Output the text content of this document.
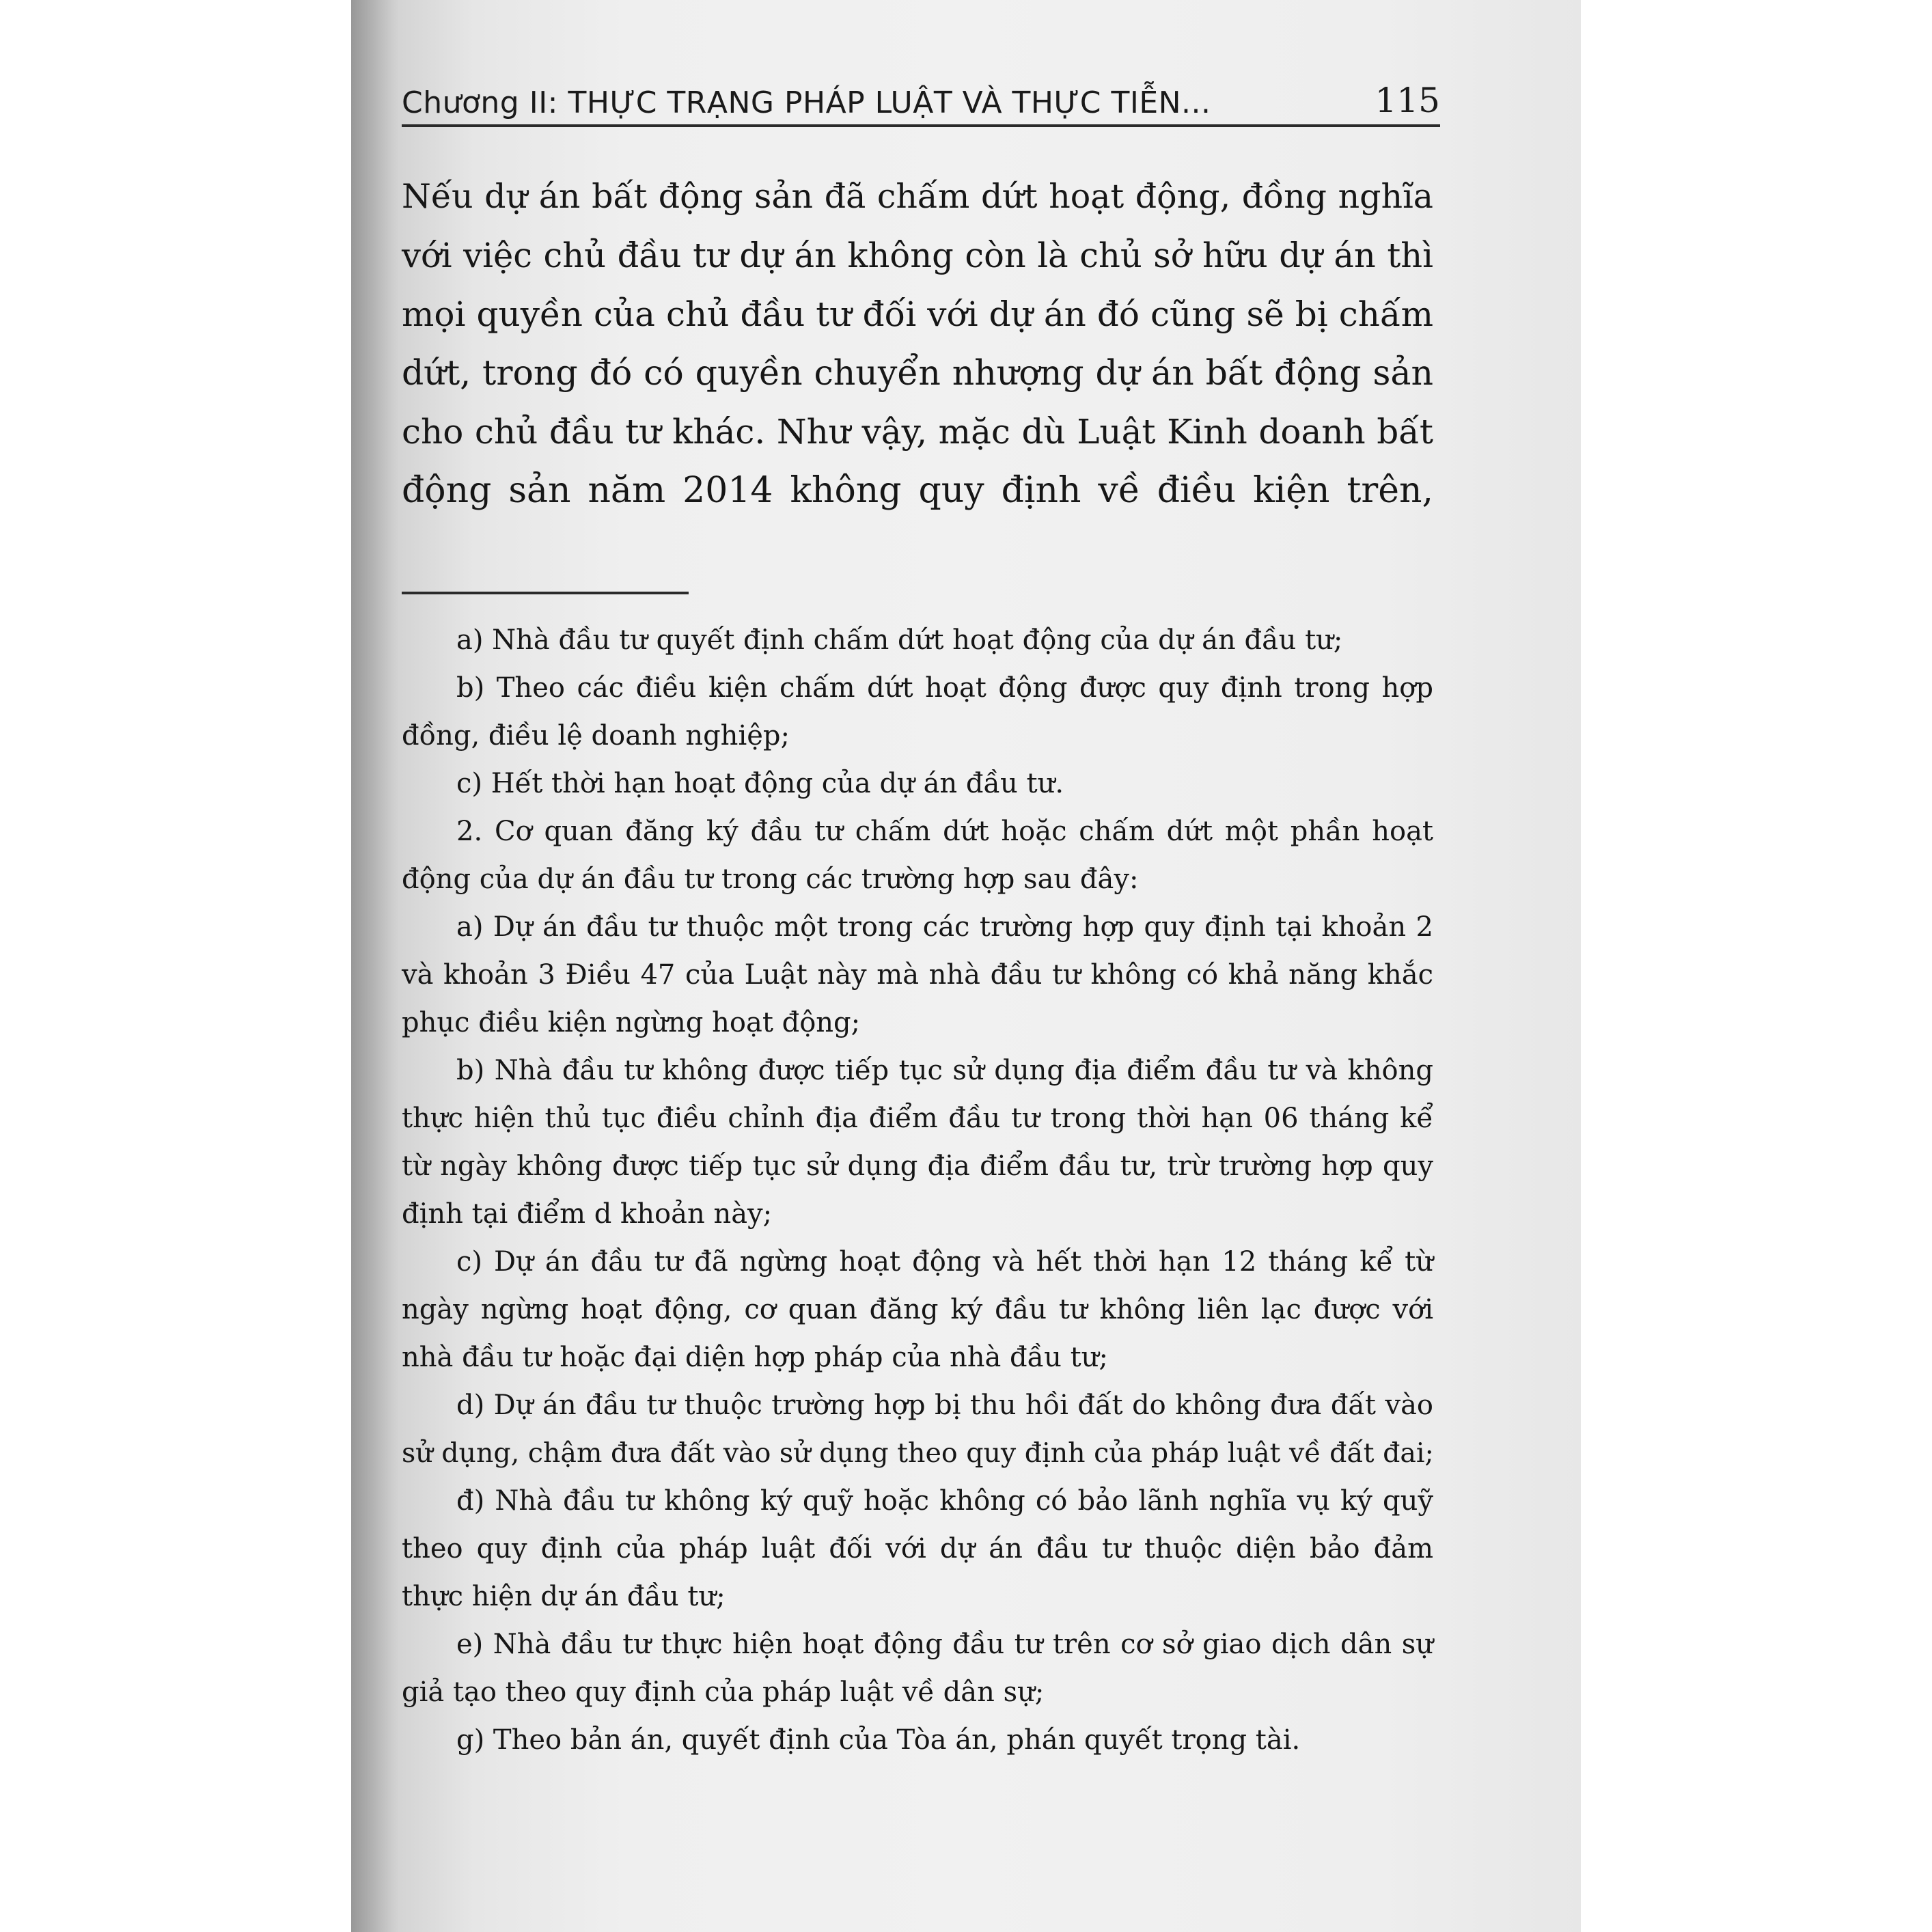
Chương II: THỰC TRẠNG PHÁP LUẬT VÀ THỰC TIỄN...	115
Nếu dự án bất động sản đã chấm dứt hoạt động, đồng nghĩa
với việc chủ đầu tư dự án không còn là chủ sở hữu dự án thì
mọi quyền của chủ đầu tư đối với dự án đó cũng sẽ bị chấm
dứt, trong đó có quyền chuyển nhượng dự án bất động sản
cho chủ đầu tư khác. Như vậy, mặc dù Luật Kinh doanh bất
động sản năm 2014 không quy định về điều kiện trên,
a) Nhà đầu tư quyết định chấm dứt hoạt động của dự án đầu tư;
b) Theo các điều kiện chấm dứt hoạt động được quy định trong hợp
đồng, điều lệ doanh nghiệp;
c) Hết thời hạn hoạt động của dự án đầu tư.
2. Cơ quan đăng ký đầu tư chấm dứt hoặc chấm dứt một phần hoạt
động của dự án đầu tư trong các trường hợp sau đây:
a) Dự án đầu tư thuộc một trong các trường hợp quy định tại khoản 2
và khoản 3 Điều 47 của Luật này mà nhà đầu tư không có khả năng khắc
phục điều kiện ngừng hoạt động;
b) Nhà đầu tư không được tiếp tục sử dụng địa điểm đầu tư và không
thực hiện thủ tục điều chỉnh địa điểm đầu tư trong thời hạn 06 tháng kể
từ ngày không được tiếp tục sử dụng địa điểm đầu tư, trừ trường hợp quy
định tại điểm d khoản này;
c) Dự án đầu tư đã ngừng hoạt động và hết thời hạn 12 tháng kể từ
ngày ngừng hoạt động, cơ quan đăng ký đầu tư không liên lạc được với
nhà đầu tư hoặc đại diện hợp pháp của nhà đầu tư;
d) Dự án đầu tư thuộc trường hợp bị thu hồi đất do không đưa đất vào
sử dụng, chậm đưa đất vào sử dụng theo quy định của pháp luật về đất đai;
đ) Nhà đầu tư không ký quỹ hoặc không có bảo lãnh nghĩa vụ ký quỹ
theo quy định của pháp luật đối với dự án đầu tư thuộc diện bảo đảm
thực hiện dự án đầu tư;
e) Nhà đầu tư thực hiện hoạt động đầu tư trên cơ sở giao dịch dân sự
giả tạo theo quy định của pháp luật về dân sự;
g) Theo bản án, quyết định của Tòa án, phán quyết trọng tài.
